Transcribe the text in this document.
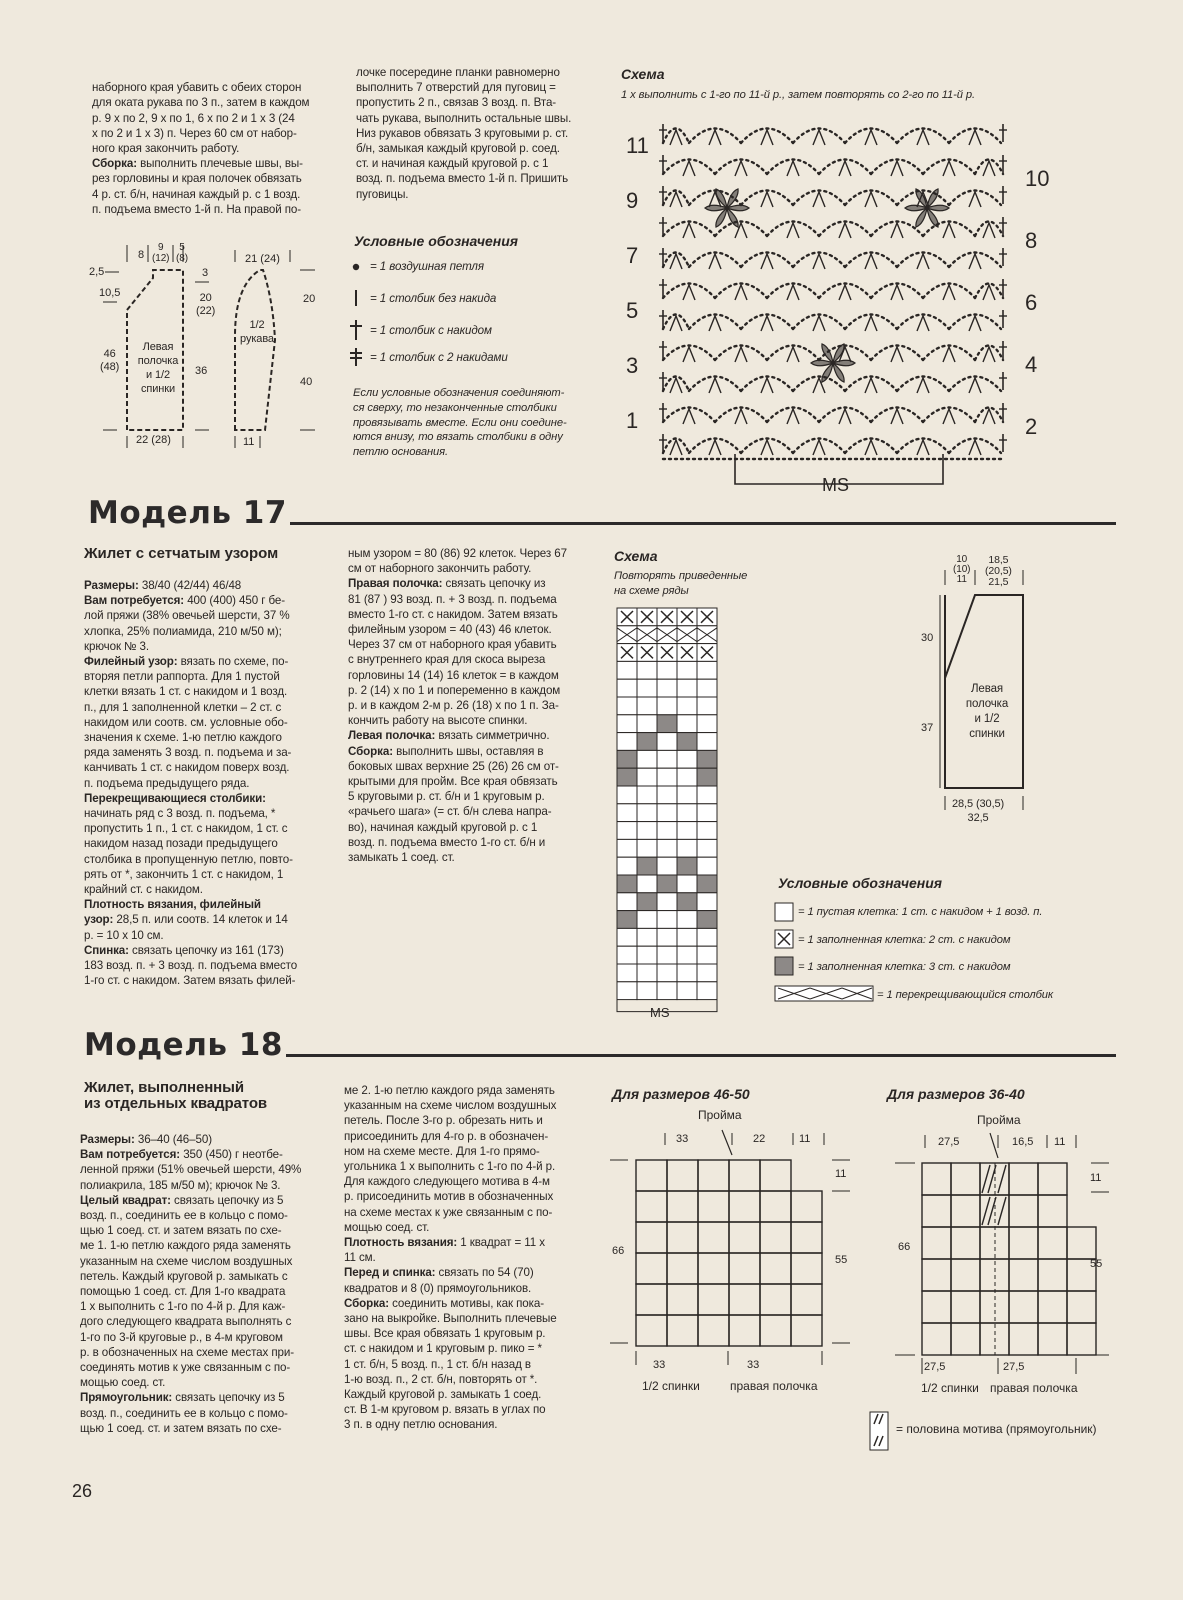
наборного края убавить с обеих сторон
для оката рукава по 3 п., затем в каждом
р. 9 х по 2, 9 х по 1, 6 х по 2 и 1 х 3 (24
х по 2 и 1 х 3) п. Через 60 см от набор-
ного края закончить работу.
Сборка: выполнить плечевые швы, вы-
рез горловины и края полочек обвязать
4 р. ст. б/н, начиная каждый р. с 1 возд.
п. подъема вместо 1-й п. На правой по-

лочке посередине планки равномерно
выполнить 7 отверстий для пуговиц =
пропустить 2 п., связав 3 возд. п. Вта-
чать рукава, выполнить остальные швы.
Низ рукавов обвязать 3 круговыми р. ст.
б/н, замыкая каждый круговой р. соед.
ст. и начиная каждый круговой р. с 1
возд. п. подъема вместо 1-й п. Пришить
пуговицы.
Условные обозначения
= 1 воздушная петля
= 1 столбик без накида
= 1 столбик с накидом
= 1 столбик с 2 накидами
Если условные обозначения соединяют-
ся сверху, то незаконченные столбики
провязывать вместе. Если они соедине-
ются внизу, то вязать столбики в одну
петлю основания.
Левая
полочка
и 1/2
спинки
1/2
рукава
2,5
10,5
46
(48)
8
9
(12)
5
(8)
3
20
(22)
36
22 (28)
21 (24)
20
40
11
Схема
1 х выполнить с 1-го по 11-й р., затем повторять со 2-го по 11-й р.
MS
11
9
7
5
3
1
10
8
6
4
2
Модель 17
Жилет с сетчатым узором
Размеры: 38/40 (42/44) 46/48
Вам потребуется: 400 (400) 450 г бе-
лой пряжи (38% овечьей шерсти, 37 %
хлопка, 25% полиамида, 210 м/50 м);
крючок № 3.
Филейный узор: вязать по схеме, по-
вторяя петли раппорта. Для 1 пустой
клетки вязать 1 ст. с накидом и 1 возд.
п., для 1 заполненной клетки – 2 ст. с
накидом или соотв. см. условные обо-
значения к схеме. 1-ю петлю каждого
ряда заменять 3 возд. п. подъема и за-
канчивать 1 ст. с накидом поверх возд.
п. подъема предыдущего ряда.
Перекрещивающиеся столбики:
начинать ряд с 3 возд. п. подъема, *
пропустить 1 п., 1 ст. с накидом, 1 ст. с
накидом назад позади предыдущего
столбика в пропущенную петлю, повто-
рять от *, закончить 1 ст. с накидом, 1
крайний ст. с накидом.
Плотность вязания, филейный
узор: 28,5 п. или соотв. 14 клеток и 14
р. = 10 х 10 см.
Спинка: связать цепочку из 161 (173)
183 возд. п. + 3 возд. п. подъема вместо
1-го ст. с накидом. Затем вязать филей-

ным узором = 80 (86) 92 клеток. Через 67
см от наборного закончить работу.
Правая полочка: связать цепочку из
81 (87 ) 93 возд. п. + 3 возд. п. подъема
вместо 1-го ст. с накидом. Затем вязать
филейным узором = 40 (43) 46 клеток.
Через 37 см от наборного края убавить
с внутреннего края для скоса выреза
горловины 14 (14) 16 клеток = в каждом
р. 2 (14) х по 1 и попеременно в каждом
р. и в каждом 2-м р. 26 (18) х по 1 п. За-
кончить работу на высоте спинки.
Левая полочка: вязать симметрично.
Сборка: выполнить швы, оставляя в
боковых швах верхние 25 (26) 26 см от-
крытыми для пройм. Все края обвязать
5 круговыми р. ст. б/н и 1 круговым р.
«рачьего шага» (= ст. б/н слева напра-
во), начиная каждый круговой р. с 1
возд. п. подъема вместо 1-го ст. б/н и
замыкать 1 соед. ст.

Схема
Повторять приведенные
на схеме ряды
MS
Левая
полочка
и 1/2
спинки
10
(10)
11
18,5
(20,5)
21,5
30
37
28,5 (30,5)
32,5
Условные обозначения
= 1 пустая клетка: 1 ст. с накидом + 1 возд. п.
= 1 заполненная клетка: 2 ст. с накидом
= 1 заполненная клетка: 3 ст. с накидом
= 1 перекрещивающийся столбик
Модель 18
Жилет, выполненный
из отдельных квадратов
Размеры: 36–40 (46–50)
Вам потребуется: 350 (450) г неотбе-
ленной пряжи (51% овечьей шерсти, 49%
полиакрила, 185 м/50 м); крючок № 3.
Целый квадрат: связать цепочку из 5
возд. п., соединить ее в кольцо с помо-
щью 1 соед. ст. и затем вязать по схе-
ме 1. 1-ю петлю каждого ряда заменять
указанным на схеме числом воздушных
петель. Каждый круговой р. замыкать с
помощью 1 соед. ст. Для 1-го квадрата
1 х выполнить с 1-го по 4-й р. Для каж-
дого следующего квадрата выполнять с
1-го по 3-й круговые р., в 4-м круговом
р. в обозначенных на схеме местах при-
соединять мотив к уже связанным с по-
мощью соед. ст.
Прямоугольник: связать цепочку из 5
возд. п., соединить ее в кольцо с помо-
щью 1 соед. ст. и затем вязать по схе-

ме 2. 1-ю петлю каждого ряда заменять
указанным на схеме числом воздушных
петель. После 3-го р. обрезать нить и
присоединить для 4-го р. в обозначен-
ном на схеме месте. Для 1-го прямо-
угольника 1 х выполнить с 1-го по 4-й р.
Для каждого следующего мотива в 4-м
р. присоединить мотив в обозначенных
на схеме местах к уже связанным с по-
мощью соед. ст.
Плотность вязания: 1 квадрат = 11 х
11 см.
Перед и спинка: связать по 54 (70)
квадратов и 8 (0) прямоугольников.
Сборка: соединить мотивы, как пока-
зано на выкройке. Выполнить плечевые
швы. Все края обвязать 1 круговым р.
ст. с накидом и 1 круговым р. пико = *
1 ст. б/н, 5 возд. п., 1 ст. б/н назад в
1-ю возд. п., 2 ст. б/н, повторять от *.
Каждый круговой р. замыкать 1 соед.
ст. В 1-м круговом р. вязать в углах по
3 п. в одну петлю основания.

Для размеров 46-50
Пройма
33	22	11
66
11
55
33	33
1/2 спинки	правая полочка
Для размеров 36-40
Пройма
27,5	16,5 11
66
11
55
27,5	27,5
1/2 спинки правая полочка
= половина мотива (прямоугольник)
26
